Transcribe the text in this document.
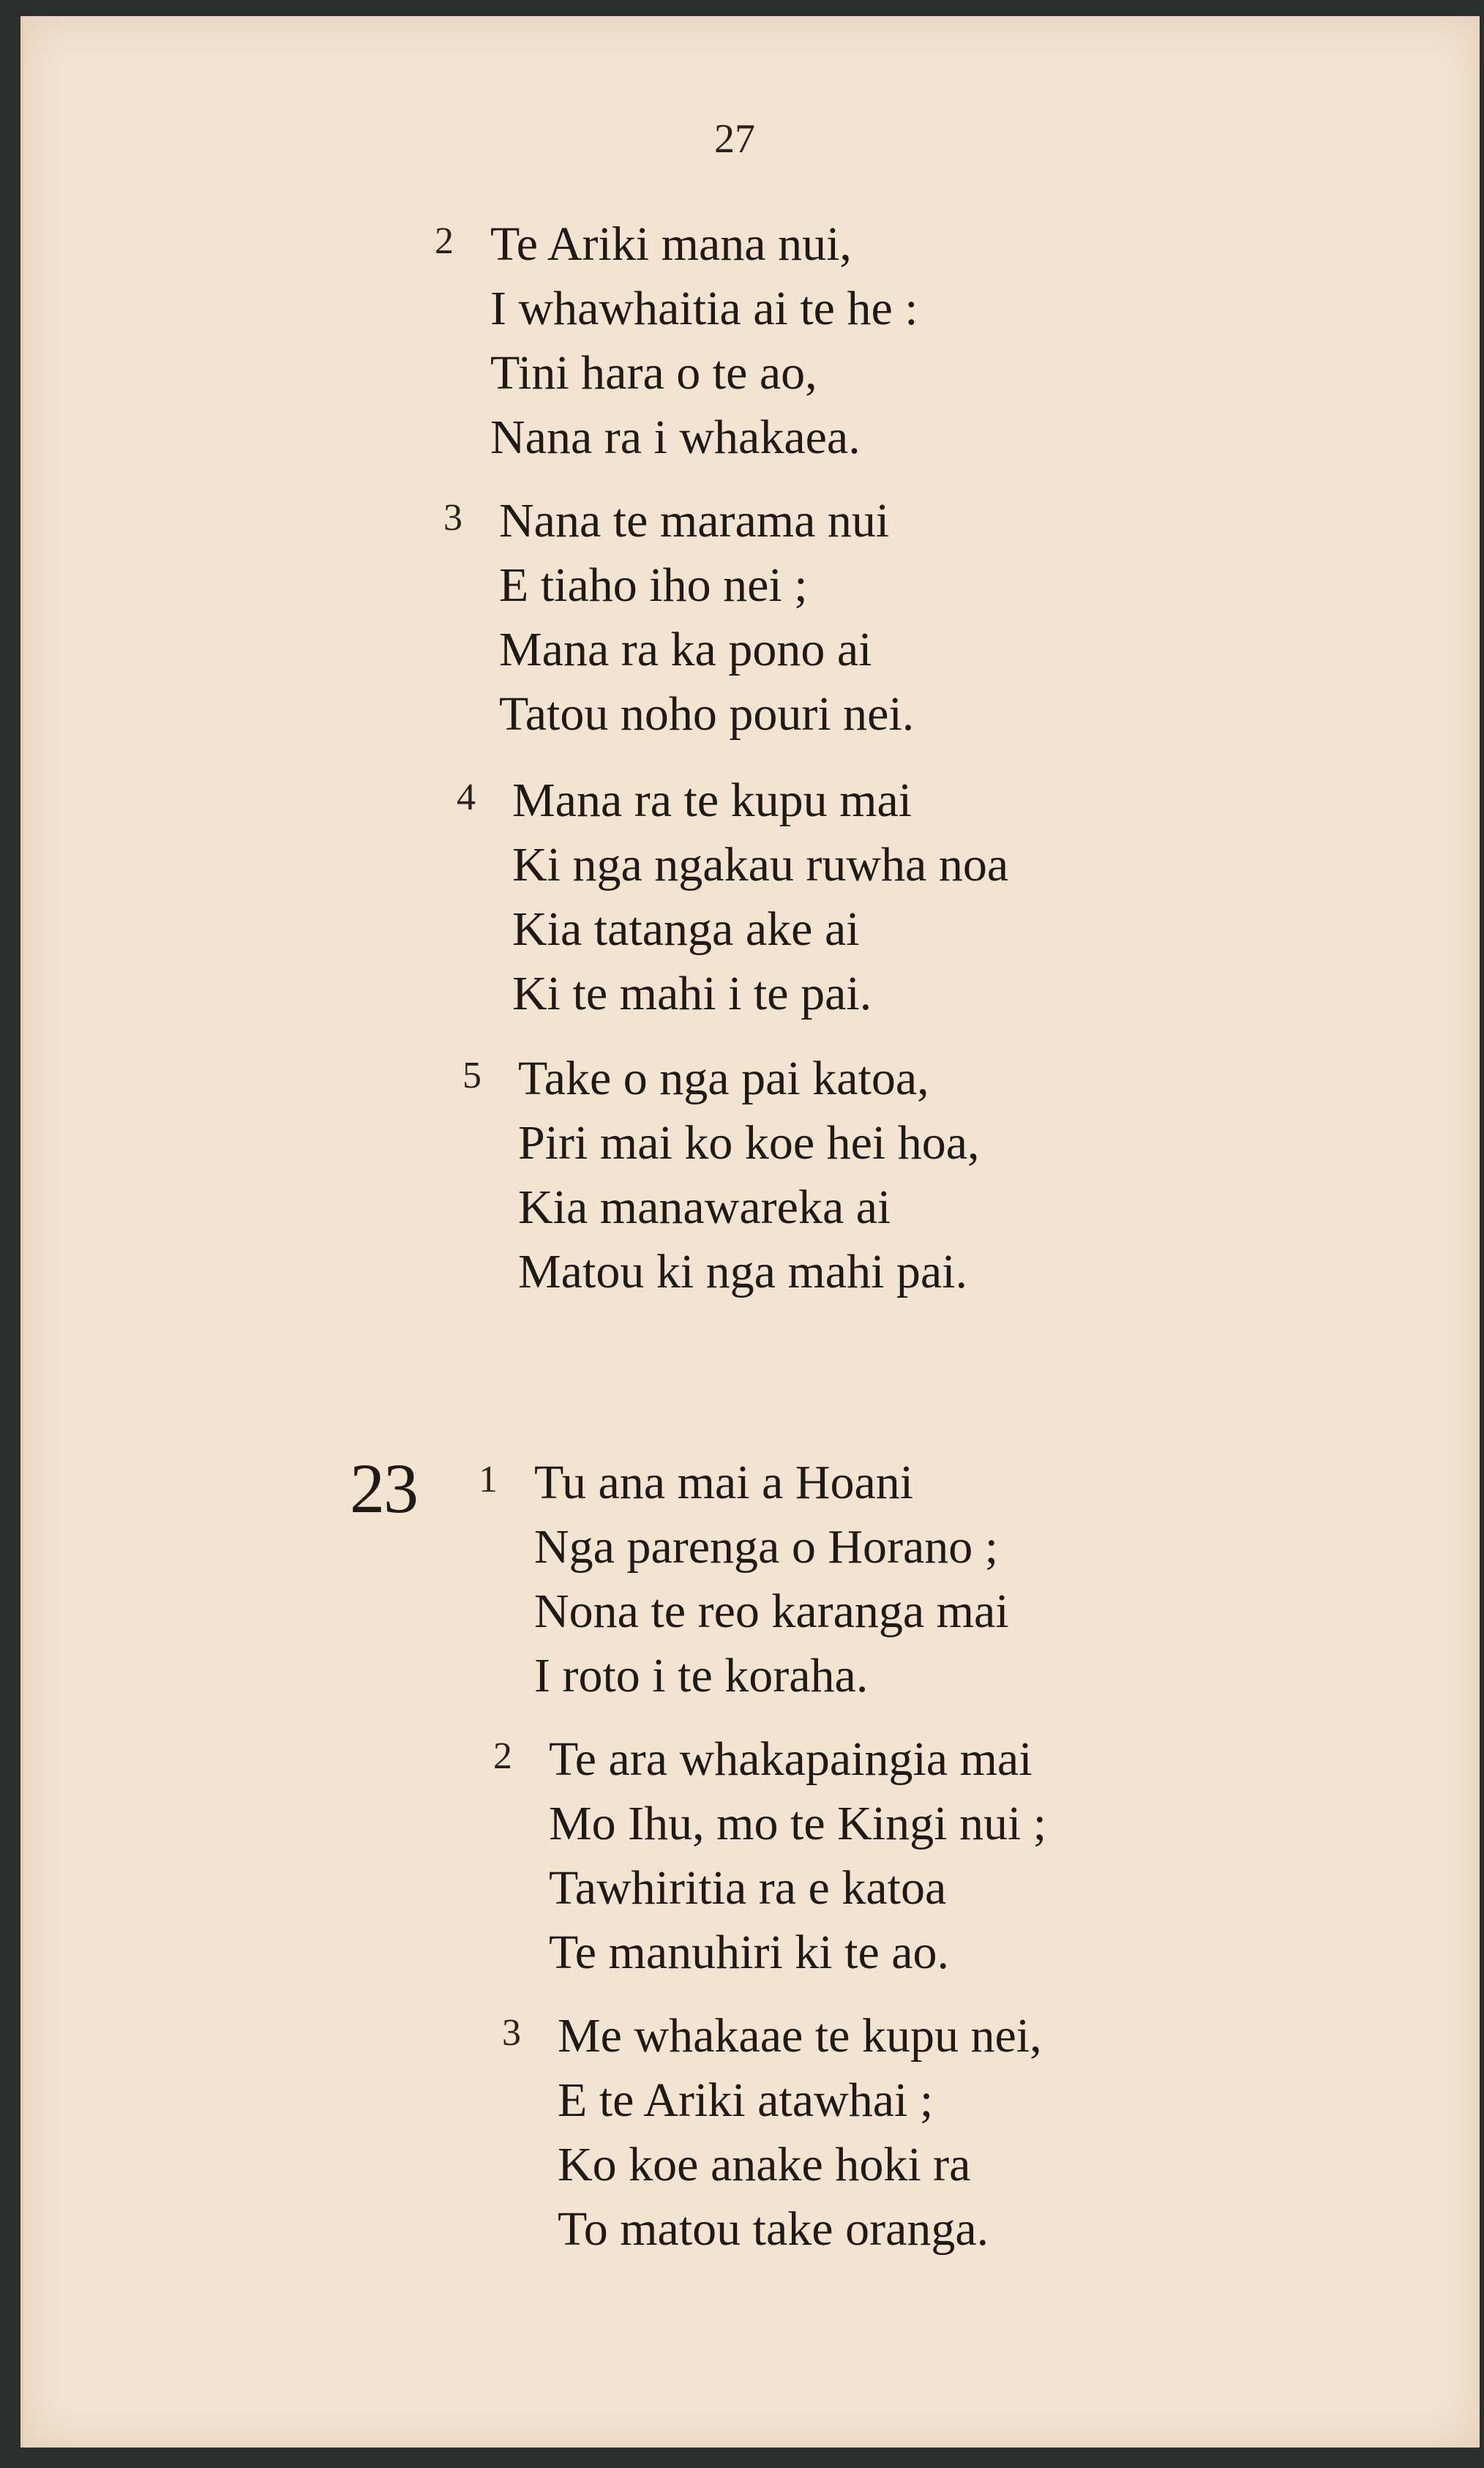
27
2 Te Ariki mana nui,
I whawhaitia ai te he :
Tini hara o te ao,
Nana ra i whakaea.
3 Nana te marama nui
E tiaho iho nei ;
Mana ra ka pono ai
Tatou noho pouri nei.
4 Mana ra te kupu mai
Ki nga ngakau ruwha noa
Kia tatanga ake ai
Ki te mahi i te pai.
5 Take o nga pai katoa,
Piri mai ko koe hei hoa,
Kia manawareka ai
Matou ki nga mahi pai.
23	1 Tu ana mai a Hoani
Nga parenga o Horano ;
Nona te reo karanga mai
I roto i te koraha.
2 Te ara whakapaingia mai
Mo Ihu, mo te Kingi nui ;
Tawhiritia ra e katoa
Te manuhiri ki te ao.
3 Me whakaae te kupu nei,
E te Ariki atawhai ;
Ko koe anake hoki ra
To matou take oranga.
